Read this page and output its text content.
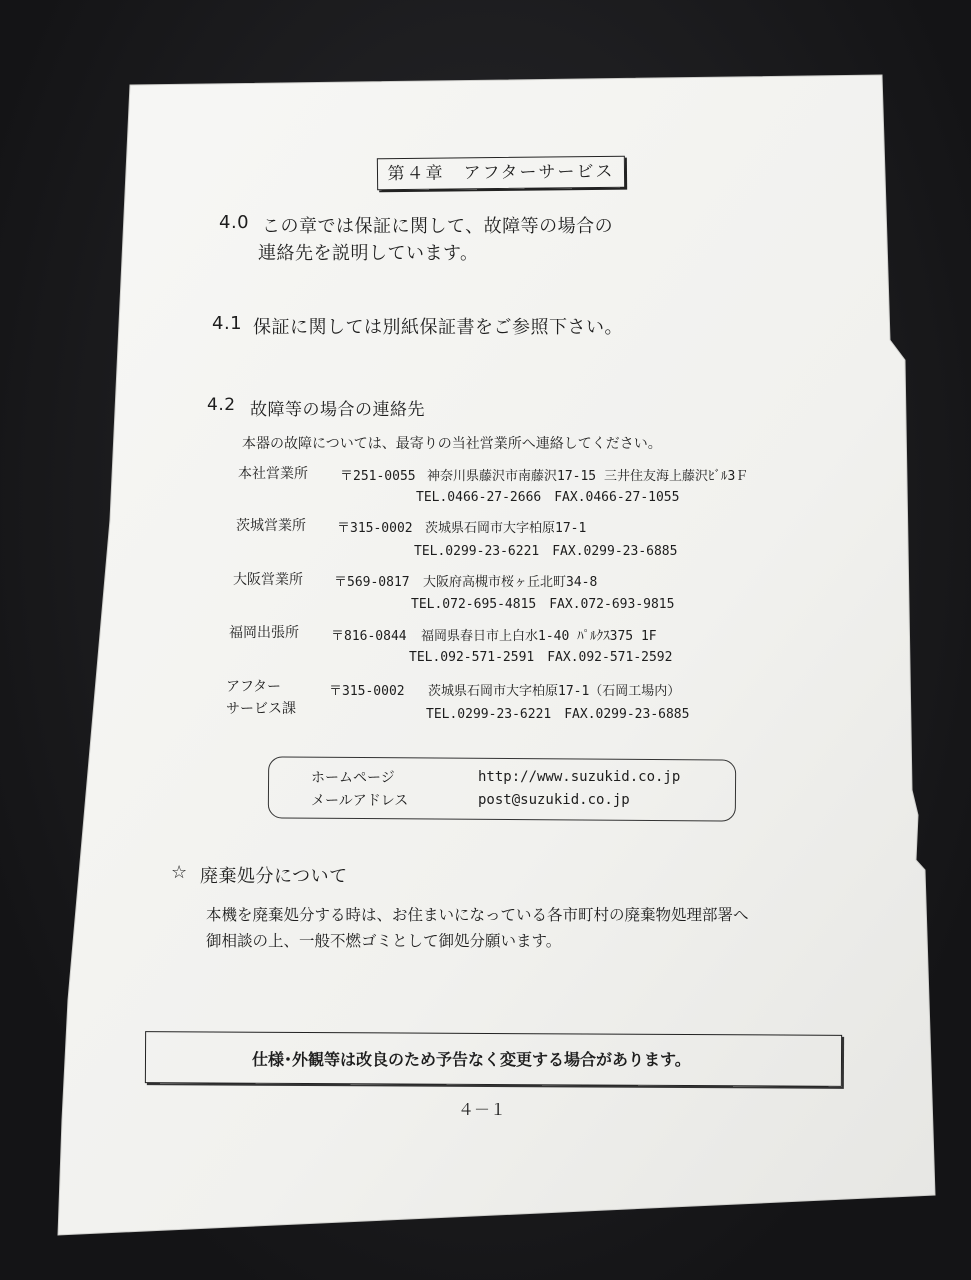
第４章　アフターサービス
4.0 この章では保証に関して、故障等の場合の
連絡先を説明しています。
4.1 保証に関しては別紙保証書をご参照下さい。
4.2 故障等の場合の連絡先
本器の故障については、最寄りの当社営業所へ連絡してください。
本社営業所 〒251-0055 神奈川県藤沢市南藤沢17-15 三井住友海上藤沢ﾋﾞﾙ3Ｆ
TEL.0466-27-2666　FAX.0466-27-1055
茨城営業所 〒315-0002 茨城県石岡市大字柏原17-1
TEL.0299-23-6221　FAX.0299-23-6885
大阪営業所 〒569-0817 大阪府高槻市桜ヶ丘北町34-8
TEL.072-695-4815　FAX.072-693-9815
福岡出張所 〒816-0844 福岡県春日市上白水1-40 ﾊﾟﾙｸｽ375 1F
TEL.092-571-2591　FAX.092-571-2592
アフター
サービス課
〒315-0002 茨城県石岡市大字柏原17-1（石岡工場内）
TEL.0299-23-6221　FAX.0299-23-6885
ホームページ	http://www.suzukid.co.jp
メールアドレス	post@suzukid.co.jp
☆ 廃棄処分について
本機を廃棄処分する時は、お住まいになっている各市町村の廃棄物処理部署へ
御相談の上、一般不燃ゴミとして御処分願います。
仕様･外観等は改良のため予告なく変更する場合があります。
４－１
